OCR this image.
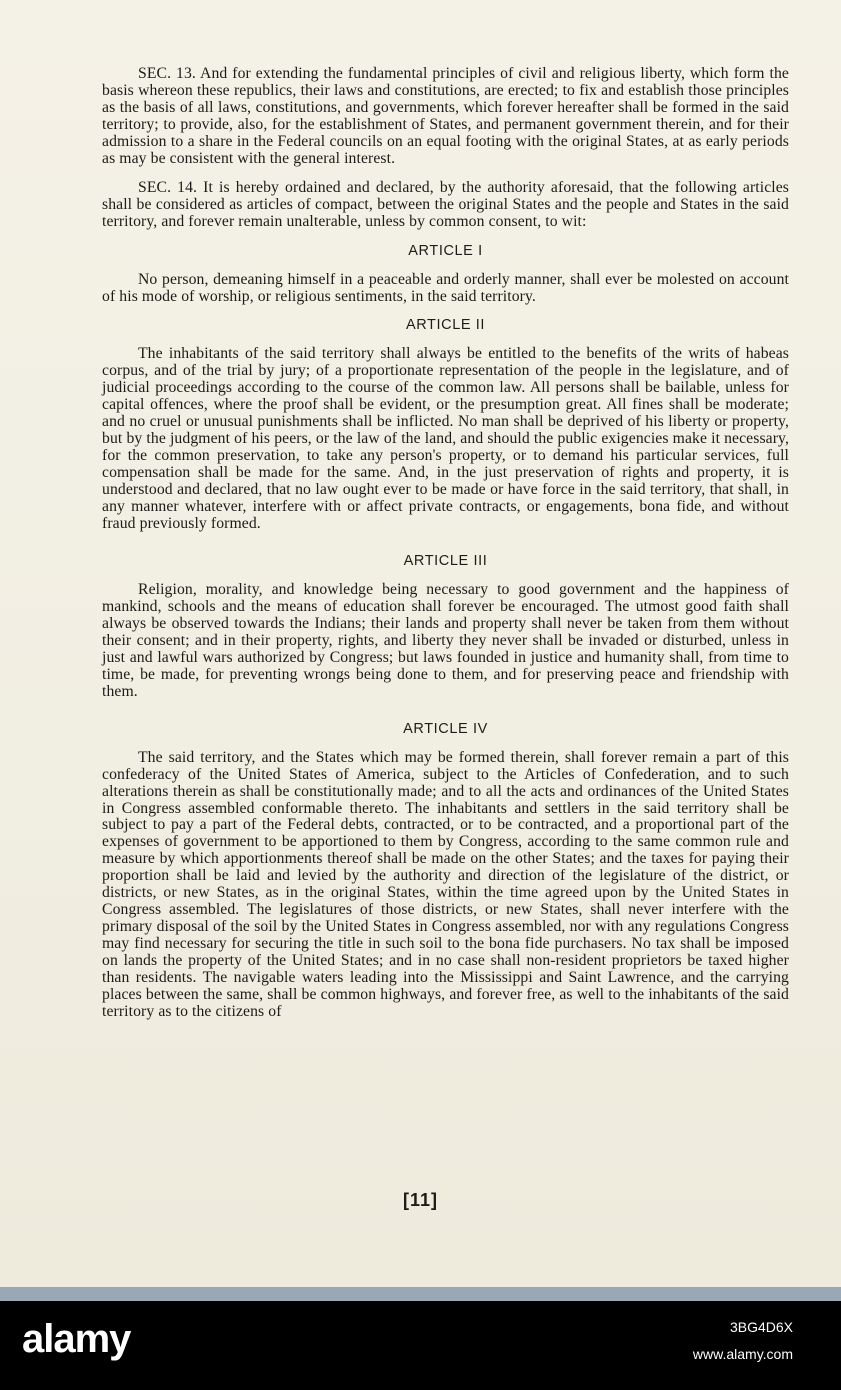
SEC. 13. And for extending the fundamental principles of civil and religious liberty, which form the basis whereon these republics, their laws and constitutions, are erected; to fix and establish those principles as the basis of all laws, constitutions, and governments, which forever hereafter shall be formed in the said territory; to provide, also, for the establishment of States, and permanent government therein, and for their admission to a share in the Federal councils on an equal footing with the original States, at as early periods as may be consistent with the general interest.

SEC. 14. It is hereby ordained and declared, by the authority aforesaid, that the following articles shall be considered as articles of compact, between the original States and the people and States in the said territory, and forever remain unalterable, unless by common consent, to wit:

ARTICLE I

No person, demeaning himself in a peaceable and orderly manner, shall ever be molested on account of his mode of worship, or religious sentiments, in the said territory.

ARTICLE II

The inhabitants of the said territory shall always be entitled to the benefits of the writs of habeas corpus, and of the trial by jury; of a proportionate representation of the people in the legislature, and of judicial proceedings according to the course of the common law. All persons shall be bailable, unless for capital offences, where the proof shall be evident, or the presumption great. All fines shall be moderate; and no cruel or unusual punishments shall be inflicted. No man shall be deprived of his liberty or property, but by the judgment of his peers, or the law of the land, and should the public exigencies make it necessary, for the common preservation, to take any person's property, or to demand his particular services, full compensation shall be made for the same. And, in the just preservation of rights and property, it is understood and declared, that no law ought ever to be made or have force in the said territory, that shall, in any manner whatever, interfere with or affect private contracts, or engagements, bona fide, and without fraud previously formed.

ARTICLE III

Religion, morality, and knowledge being necessary to good government and the happiness of mankind, schools and the means of education shall forever be encouraged. The utmost good faith shall always be observed towards the Indians; their lands and property shall never be taken from them without their consent; and in their property, rights, and liberty they never shall be invaded or disturbed, unless in just and lawful wars authorized by Congress; but laws founded in justice and humanity shall, from time to time, be made, for preventing wrongs being done to them, and for preserving peace and friendship with them.

ARTICLE IV

The said territory, and the States which may be formed therein, shall forever remain a part of this confederacy of the United States of America, subject to the Articles of Confederation, and to such alterations therein as shall be constitutionally made; and to all the acts and ordinances of the United States in Congress assembled conformable thereto. The inhabitants and settlers in the said territory shall be subject to pay a part of the Federal debts, contracted, or to be contracted, and a proportional part of the expenses of government to be apportioned to them by Congress, according to the same common rule and measure by which apportionments thereof shall be made on the other States; and the taxes for paying their proportion shall be laid and levied by the authority and direction of the legislature of the district, or districts, or new States, as in the original States, within the time agreed upon by the United States in Congress assembled. The legislatures of those districts, or new States, shall never interfere with the primary disposal of the soil by the United States in Congress assembled, nor with any regulations Congress may find necessary for securing the title in such soil to the bona fide purchasers. No tax shall be imposed on lands the property of the United States; and in no case shall non-resident proprietors be taxed higher than residents. The navigable waters leading into the Mississippi and Saint Lawrence, and the carrying places between the same, shall be common highways, and forever free, as well to the inhabitants of the said territory as to the citizens of

[11]
alamy	3BG4D6X
www.alamy.com
